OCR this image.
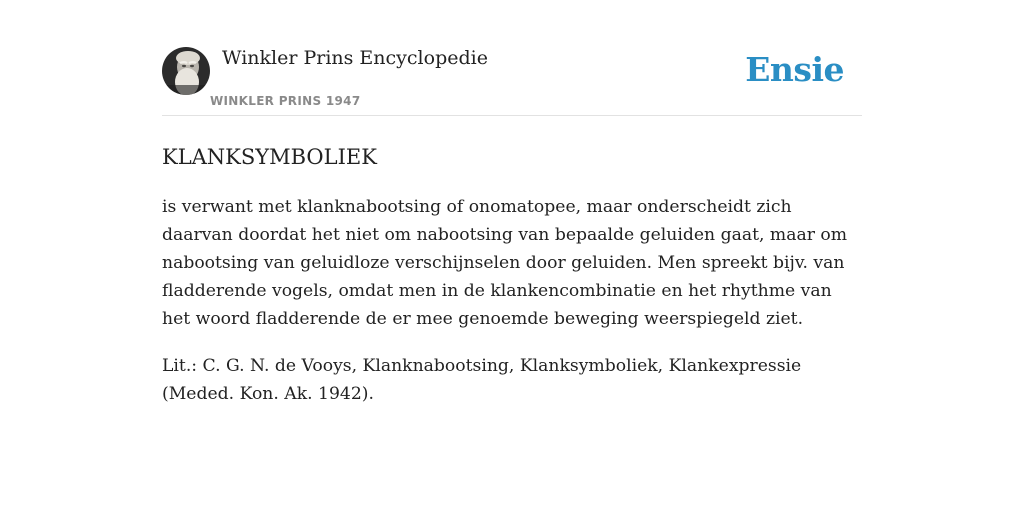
Winkler Prins Encyclopedie
WINKLER PRINS 1947
Ensie
KLANKSYMBOLIEK

is verwant met klanknabootsing of onomatopee, maar onderscheidt zich daarvan doordat het niet om nabootsing van bepaalde geluiden gaat, maar om nabootsing van geluidloze verschijnselen door geluiden. Men spreekt bijv. van fladderende vogels, omdat men in de klankencombinatie en het rhythme van het woord fladderende de er mee genoemde beweging weerspiegeld ziet.

Lit.: C. G. N. de Vooys, Klanknabootsing, Klanksymboliek, Klankexpressie (Meded. Kon. Ak. 1942).
